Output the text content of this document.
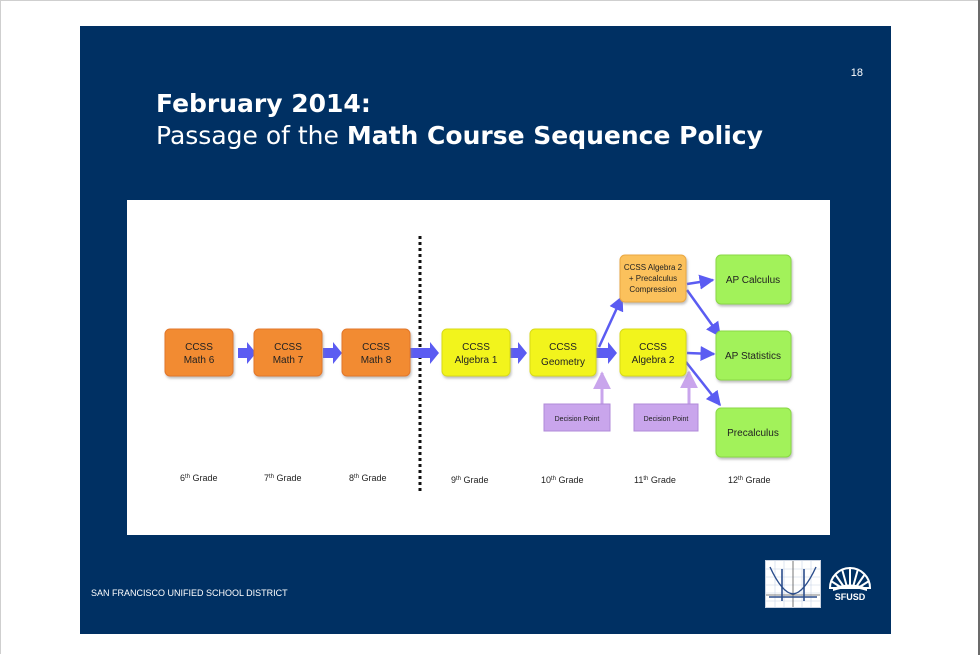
18
February 2014:
Passage of the Math Course Sequence Policy
CCSS
Math 6
CCSS
Math 7
CCSS
Math 8
CCSS
Algebra 1
CCSS
Geometry
CCSS
Algebra 2
CCSS Algebra 2
+ Precalculus
Compression
AP Calculus
AP Statistics
Precalculus
Decision Point	Decision Point
6th Grade	7th Grade	8th Grade	9th Grade	10th Grade	11th Grade	12th Grade
SAN FRANCISCO UNIFIED SCHOOL DISTRICT	SFUSD
